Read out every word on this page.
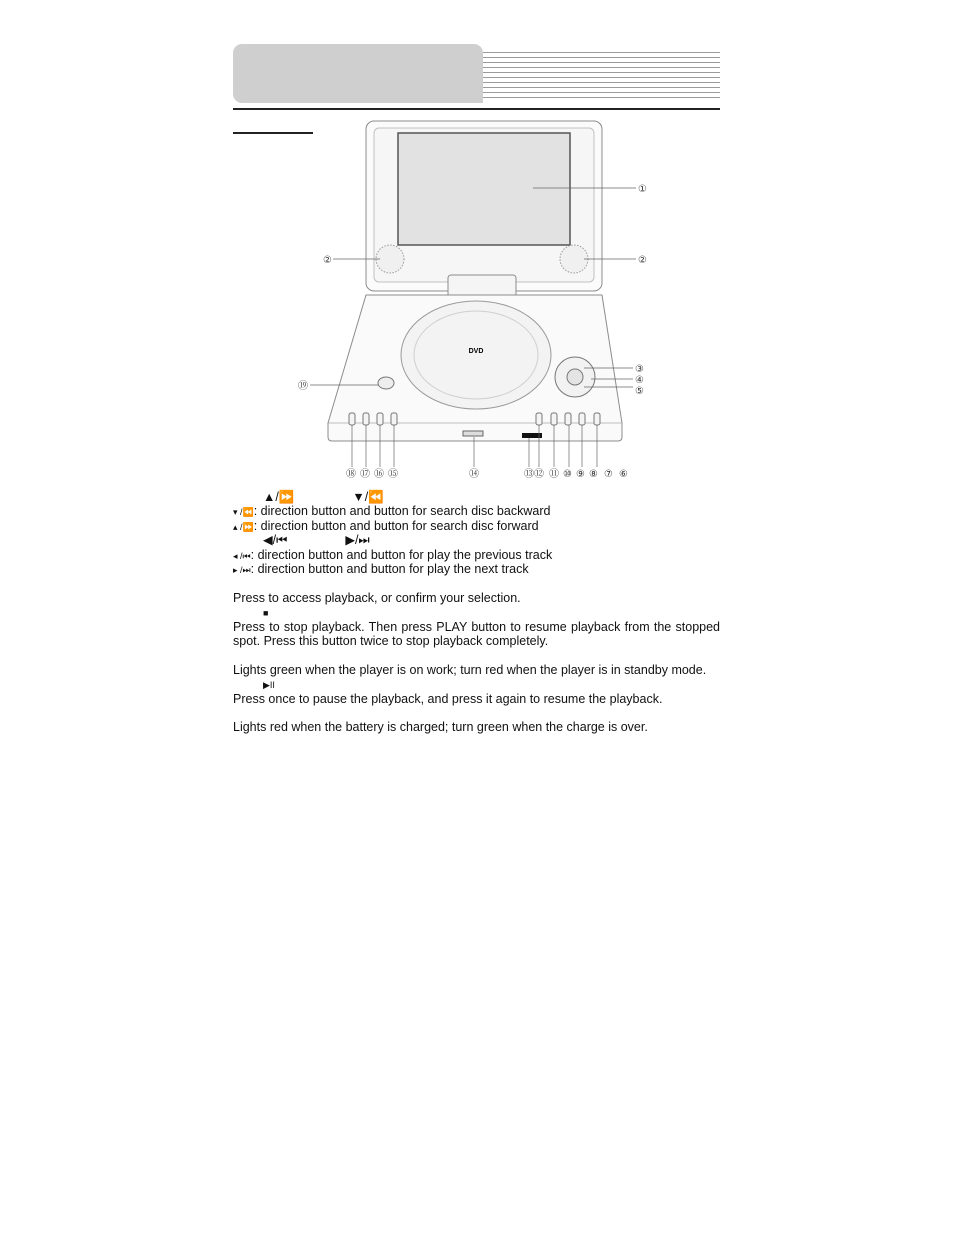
DVD
①
②	②
③
④
⑤
⑲
⑱ ⑰ ⑯ ⑮	⑭	⑬ ⑫ ⑪ ⑩ ⑨ ⑧ ⑦ ⑥
▲/⏩	▼/⏪
▾ /⏪: direction button and button for search disc backward
▴ /⏩: direction button and button for search disc forward
◀/⏮	▶/⏭
◂ /⏮: direction button and button for play the previous track
▸ /⏭: direction button and button for play the next track
Press to access playback, or confirm your selection.
■
Press to stop playback. Then press PLAY button to resume playback from the stopped spot. Press this button twice to stop playback completely.
Lights green when the player is on work; turn red when the player is in standby mode.
▶II
Press once to pause the playback, and press it again to resume the playback.
Lights red when the battery is charged; turn green when the charge is over.
